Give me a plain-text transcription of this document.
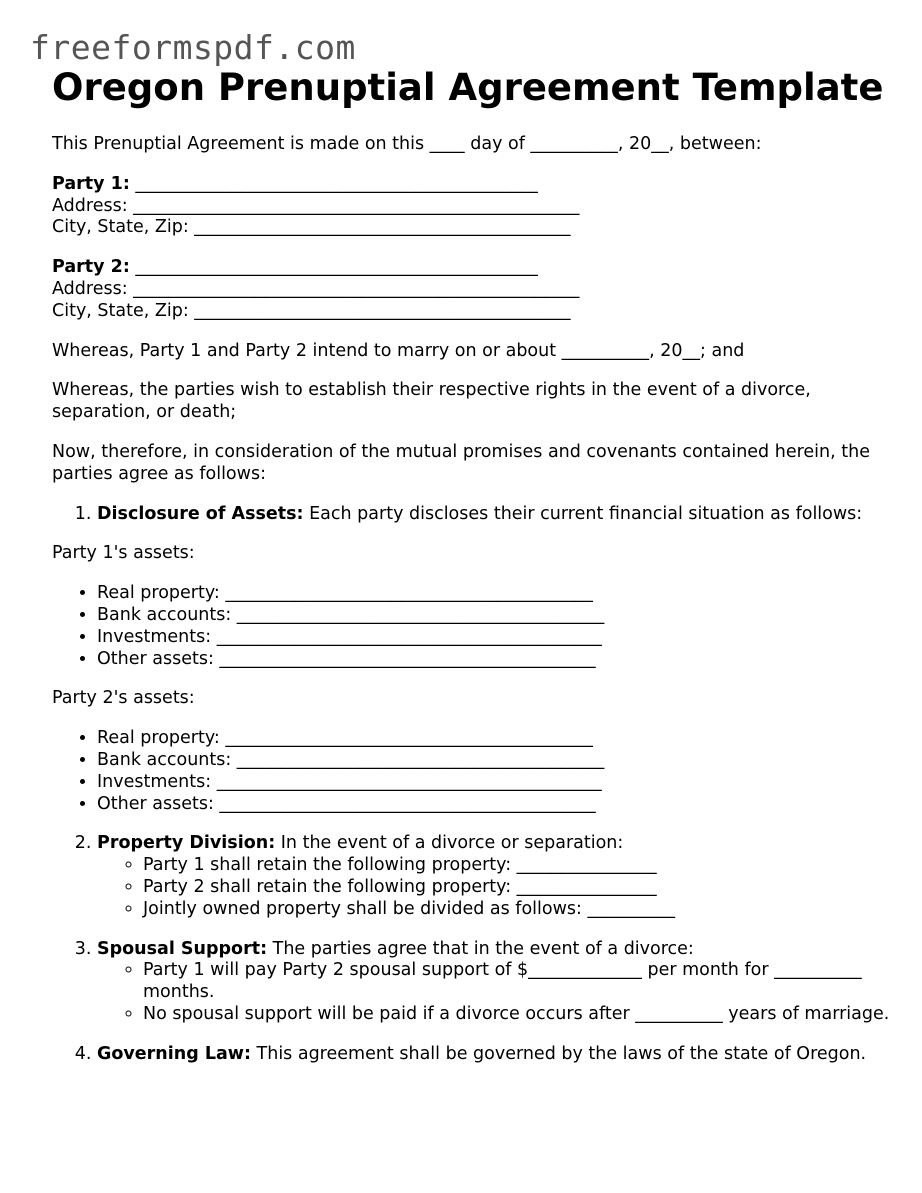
freeformspdf.com
Oregon Prenuptial Agreement Template

This Prenuptial Agreement is made on this ____ day of __________, 20__, between:

Party 1: ______________________________________________
Address: ___________________________________________________
City, State, Zip: ___________________________________________
Party 2: ______________________________________________
Address: ___________________________________________________
City, State, Zip: ___________________________________________

Whereas, Party 1 and Party 2 intend to marry on or about __________, 20__; and

Whereas, the parties wish to establish their respective rights in the event of a divorce, separation, or death;

Now, therefore, in consideration of the mutual promises and covenants contained herein, the parties agree as follows:

1. Disclosure of Assets: Each party discloses their current financial situation as follows:

Party 1's assets:

• Real property: __________________________________________
• Bank accounts: __________________________________________
• Investments: ____________________________________________
• Other assets: ___________________________________________

Party 2's assets:

• Real property: __________________________________________
• Bank accounts: __________________________________________
• Investments: ____________________________________________
• Other assets: ___________________________________________
2. Property Division: In the event of a divorce or separation:
◦ Party 1 shall retain the following property: ________________
◦ Party 2 shall retain the following property: ________________
◦ Jointly owned property shall be divided as follows: __________
3. Spousal Support: The parties agree that in the event of a divorce:
◦ Party 1 will pay Party 2 spousal support of $_____________ per month for __________ months.
◦ No spousal support will be paid if a divorce occurs after __________ years of marriage.
4. Governing Law: This agreement shall be governed by the laws of the state of Oregon.
